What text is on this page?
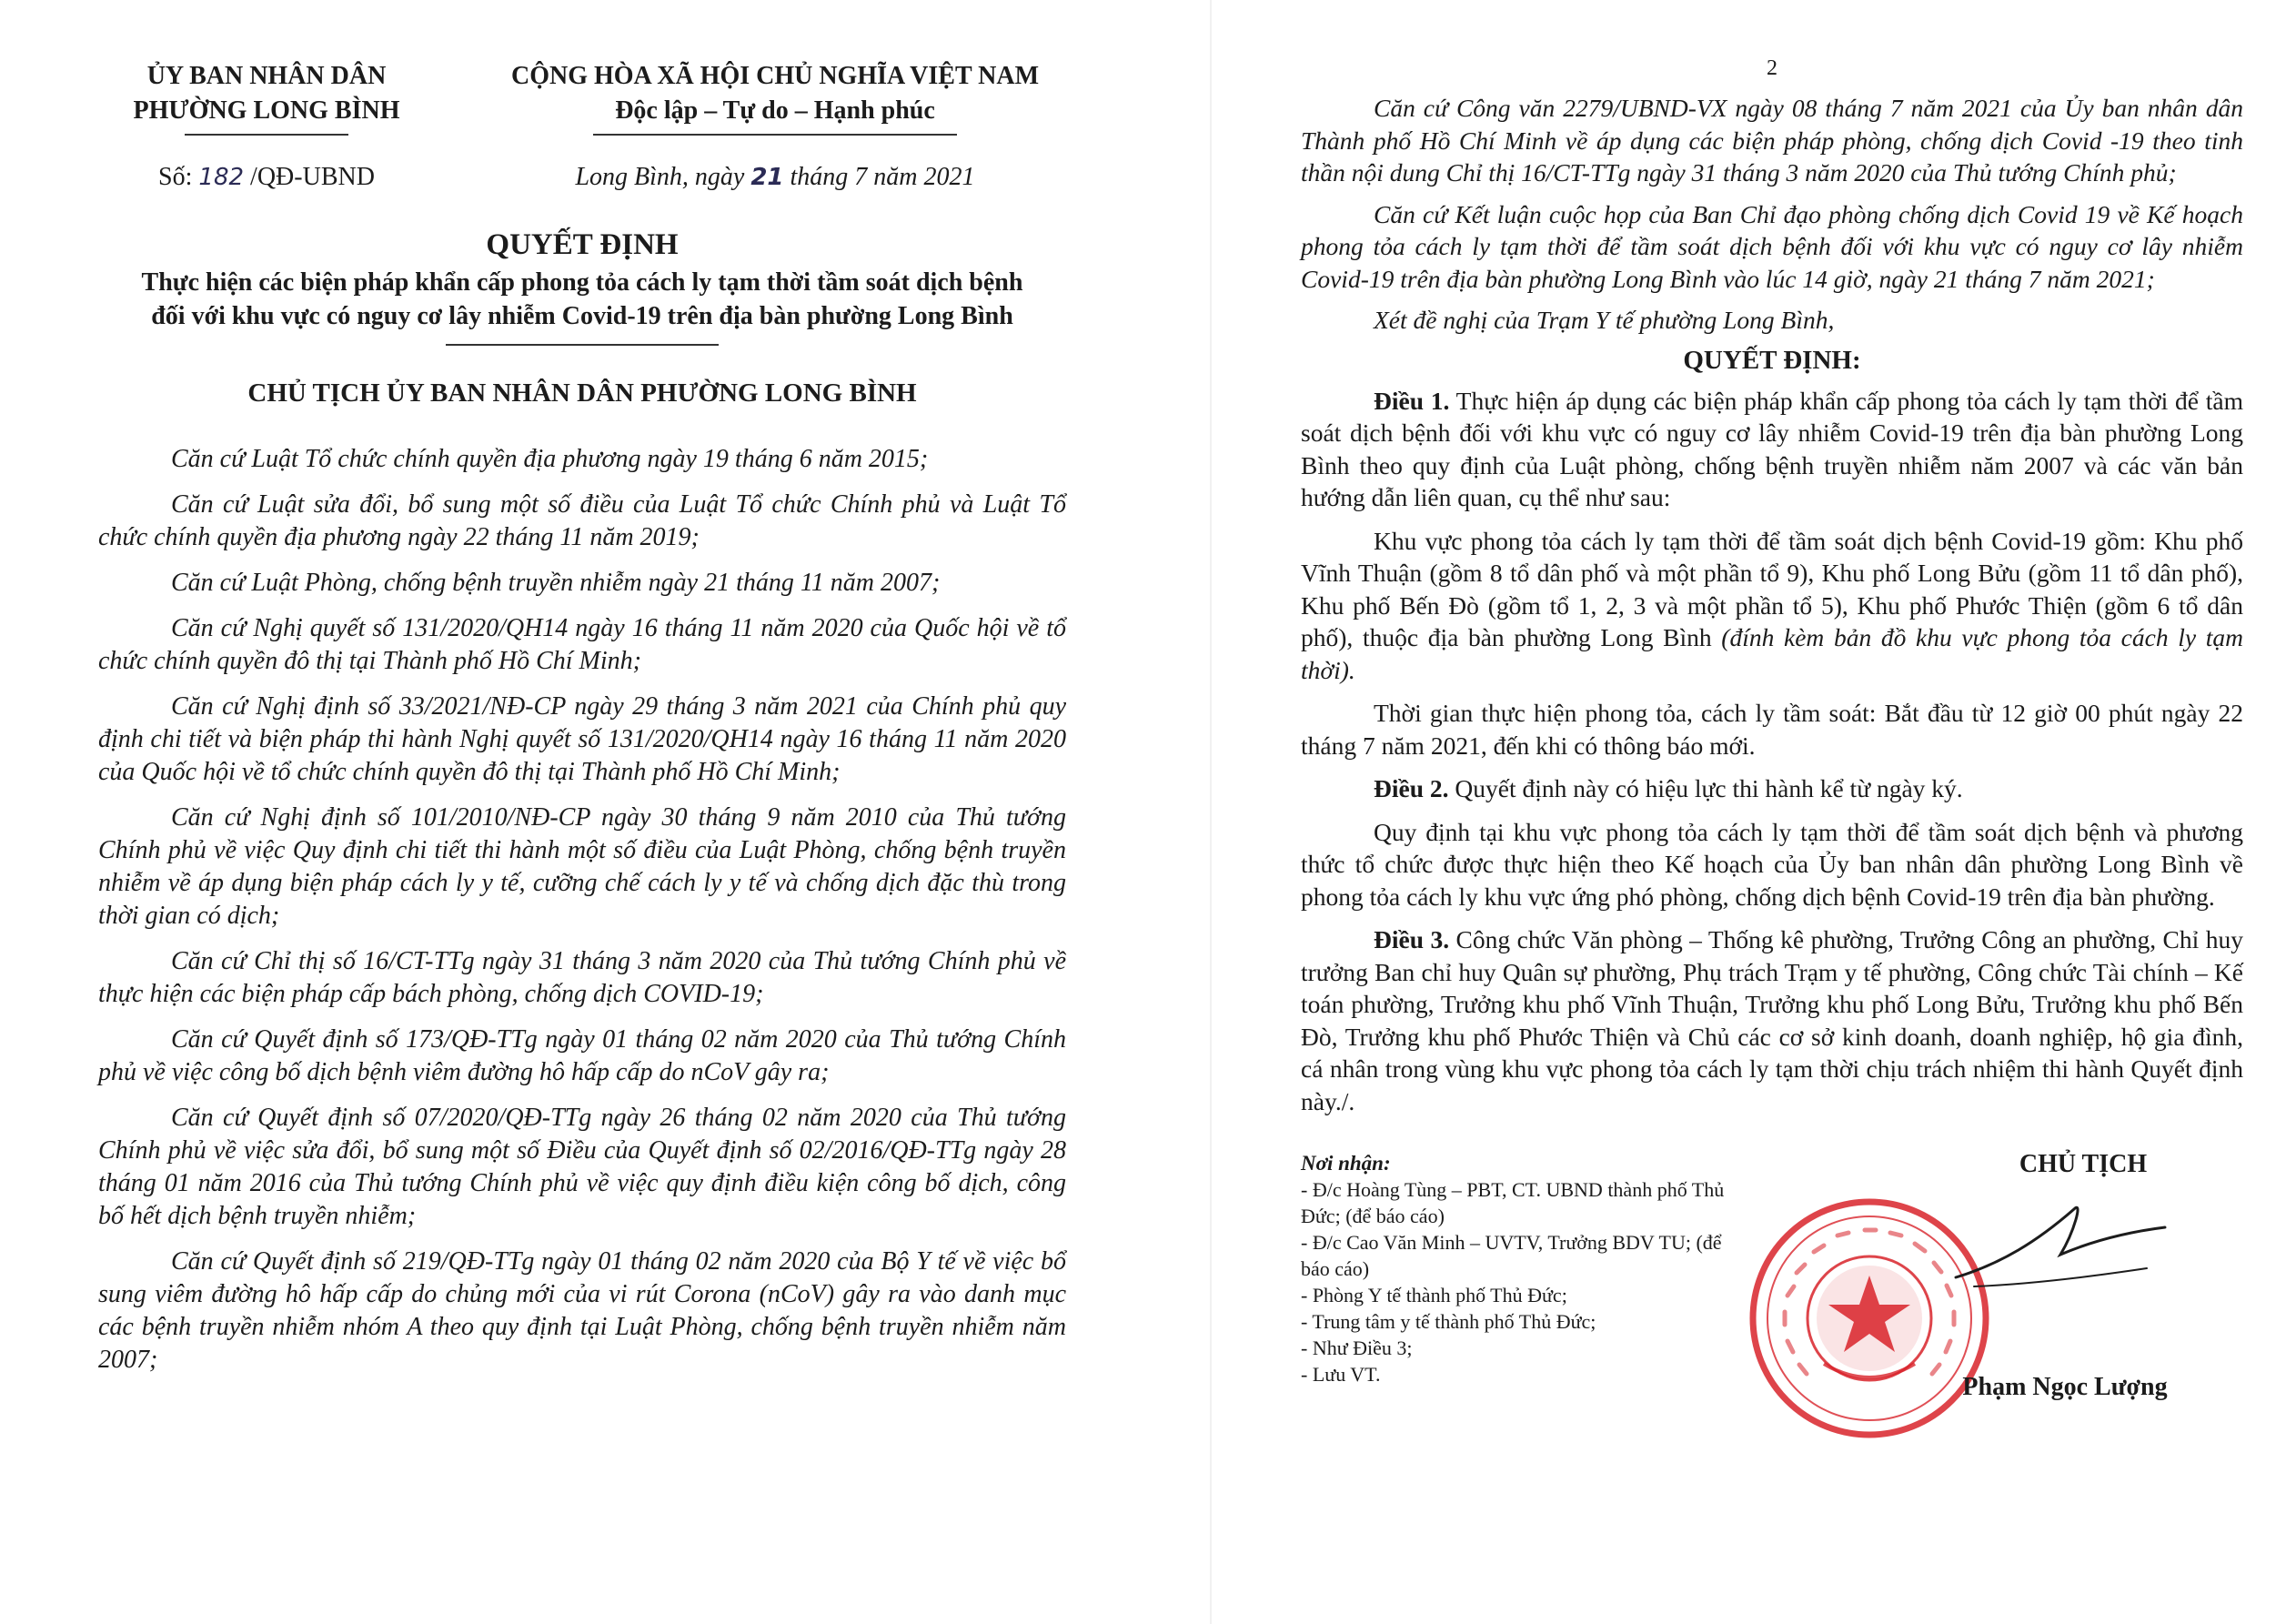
ỦY BAN NHÂN DÂN
PHƯỜNG LONG BÌNH
Số: 182 /QĐ-UBND
CỘNG HÒA XÃ HỘI CHỦ NGHĨA VIỆT NAM
Độc lập – Tự do – Hạnh phúc
Long Bình, ngày 21 tháng 7 năm 2021
QUYẾT ĐỊNH
Thực hiện các biện pháp khẩn cấp phong tỏa cách ly tạm thời tầm soát dịch bệnh đối với khu vực có nguy cơ lây nhiễm Covid-19 trên địa bàn phường Long Bình
CHỦ TỊCH ỦY BAN NHÂN DÂN PHƯỜNG LONG BÌNH

Căn cứ Luật Tổ chức chính quyền địa phương ngày 19 tháng 6 năm 2015;

Căn cứ Luật sửa đổi, bổ sung một số điều của Luật Tổ chức Chính phủ và Luật Tổ chức chính quyền địa phương ngày 22 tháng 11 năm 2019;

Căn cứ Luật Phòng, chống bệnh truyền nhiễm ngày 21 tháng 11 năm 2007;

Căn cứ Nghị quyết số 131/2020/QH14 ngày 16 tháng 11 năm 2020 của Quốc hội về tổ chức chính quyền đô thị tại Thành phố Hồ Chí Minh;

Căn cứ Nghị định số 33/2021/NĐ-CP ngày 29 tháng 3 năm 2021 của Chính phủ quy định chi tiết và biện pháp thi hành Nghị quyết số 131/2020/QH14 ngày 16 tháng 11 năm 2020 của Quốc hội về tổ chức chính quyền đô thị tại Thành phố Hồ Chí Minh;

Căn cứ Nghị định số 101/2010/NĐ-CP ngày 30 tháng 9 năm 2010 của Thủ tướng Chính phủ về việc Quy định chi tiết thi hành một số điều của Luật Phòng, chống bệnh truyền nhiễm về áp dụng biện pháp cách ly y tế, cưỡng chế cách ly y tế và chống dịch đặc thù trong thời gian có dịch;

Căn cứ Chỉ thị số 16/CT-TTg ngày 31 tháng 3 năm 2020 của Thủ tướng Chính phủ về thực hiện các biện pháp cấp bách phòng, chống dịch COVID-19;

Căn cứ Quyết định số 173/QĐ-TTg ngày 01 tháng 02 năm 2020 của Thủ tướng Chính phủ về việc công bố dịch bệnh viêm đường hô hấp cấp do nCoV gây ra;

Căn cứ Quyết định số 07/2020/QĐ-TTg ngày 26 tháng 02 năm 2020 của Thủ tướng Chính phủ về việc sửa đổi, bổ sung một số Điều của Quyết định số 02/2016/QĐ-TTg ngày 28 tháng 01 năm 2016 của Thủ tướng Chính phủ về việc quy định điều kiện công bố dịch, công bố hết dịch bệnh truyền nhiễm;

Căn cứ Quyết định số 219/QĐ-TTg ngày 01 tháng 02 năm 2020 của Bộ Y tế về việc bổ sung viêm đường hô hấp cấp do chủng mới của vi rút Corona (nCoV) gây ra vào danh mục các bệnh truyền nhiễm nhóm A theo quy định tại Luật Phòng, chống bệnh truyền nhiễm năm 2007;

2

Căn cứ Công văn 2279/UBND-VX ngày 08 tháng 7 năm 2021 của Ủy ban nhân dân Thành phố Hồ Chí Minh về áp dụng các biện pháp phòng, chống dịch Covid -19 theo tinh thần nội dung Chỉ thị 16/CT-TTg ngày 31 tháng 3 năm 2020 của Thủ tướng Chính phủ;

Căn cứ Kết luận cuộc họp của Ban Chỉ đạo phòng chống dịch Covid 19 về Kế hoạch phong tỏa cách ly tạm thời để tầm soát dịch bệnh đối với khu vực có nguy cơ lây nhiễm Covid-19 trên địa bàn phường Long Bình vào lúc 14 giờ, ngày 21 tháng 7 năm 2021;

Xét đề nghị của Trạm Y tế phường Long Bình,

QUYẾT ĐỊNH:

Điều 1. Thực hiện áp dụng các biện pháp khẩn cấp phong tỏa cách ly tạm thời để tầm soát dịch bệnh đối với khu vực có nguy cơ lây nhiễm Covid-19 trên địa bàn phường Long Bình theo quy định của Luật phòng, chống bệnh truyền nhiễm năm 2007 và các văn bản hướng dẫn liên quan, cụ thể như sau:

Khu vực phong tỏa cách ly tạm thời để tầm soát dịch bệnh Covid-19 gồm: Khu phố Vĩnh Thuận (gồm 8 tổ dân phố và một phần tổ 9), Khu phố Long Bửu (gồm 11 tổ dân phố), Khu phố Bến Đò (gồm tổ 1, 2, 3 và một phần tổ 5), Khu phố Phước Thiện (gồm 6 tổ dân phố), thuộc địa bàn phường Long Bình (đính kèm bản đồ khu vực phong tỏa cách ly tạm thời).

Thời gian thực hiện phong tỏa, cách ly tầm soát: Bắt đầu từ 12 giờ 00 phút ngày 22 tháng 7 năm 2021, đến khi có thông báo mới.

Điều 2. Quyết định này có hiệu lực thi hành kể từ ngày ký.

Quy định tại khu vực phong tỏa cách ly tạm thời để tầm soát dịch bệnh và phương thức tổ chức được thực hiện theo Kế hoạch của Ủy ban nhân dân phường Long Bình về phong tỏa cách ly khu vực ứng phó phòng, chống dịch bệnh Covid-19 trên địa bàn phường.

Điều 3. Công chức Văn phòng – Thống kê phường, Trưởng Công an phường, Chỉ huy trưởng Ban chỉ huy Quân sự phường, Phụ trách Trạm y tế phường, Công chức Tài chính – Kế toán phường, Trưởng khu phố Vĩnh Thuận, Trưởng khu phố Long Bửu, Trưởng khu phố Bến Đò, Trưởng khu phố Phước Thiện và Chủ các cơ sở kinh doanh, doanh nghiệp, hộ gia đình, cá nhân trong vùng khu vực phong tỏa cách ly tạm thời chịu trách nhiệm thi hành Quyết định này./.

Nơi nhận:
- Đ/c Hoàng Tùng – PBT, CT. UBND thành phố Thủ Đức; (để báo cáo)
- Đ/c Cao Văn Minh – UVTV, Trưởng BDV TU; (để báo cáo)
- Phòng Y tế thành phố Thủ Đức;
- Trung tâm y tế thành phố Thủ Đức;
- Như Điều 3;
- Lưu VT.
CHỦ TỊCH
Phạm Ngọc Lượng
